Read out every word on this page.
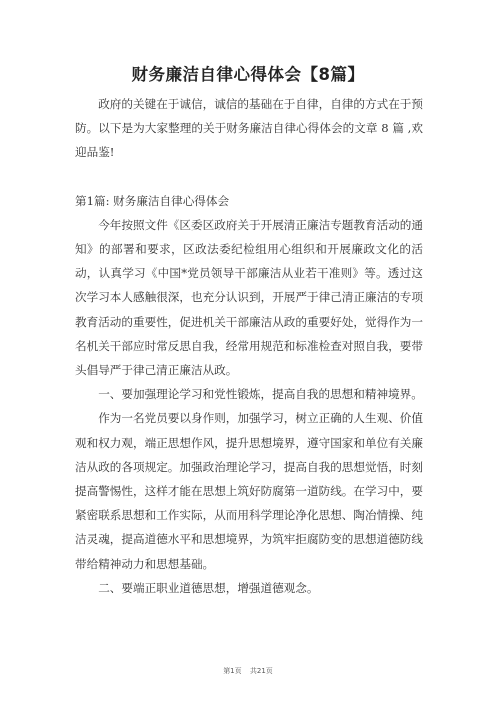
财务廉洁自律心得体会【8篇】

政府的关键在于诚信，诚信的基础在于自律，自律的方式在于预防。以下是为大家整理的关于财务廉洁自律心得体会的文章 8 篇 ,欢迎品鉴!

第1篇: 财务廉洁自律心得体会

今年按照文件《区委区政府关于开展清正廉洁专题教育活动的通知》的部署和要求，区政法委纪检组用心组织和开展廉政文化的活动，认真学习《中国*党员领导干部廉洁从业若干准则》等。透过这次学习本人感触很深，也充分认识到，开展严于律己清正廉洁的专项教育活动的重要性，促进机关干部廉洁从政的重要好处，觉得作为一名机关干部应时常反思自我，经常用规范和标准检查对照自我，要带头倡导严于律己清正廉洁从政。

一、要加强理论学习和党性锻炼，提高自我的思想和精神境界。

作为一名党员要以身作则，加强学习，树立正确的人生观、价值观和权力观，端正思想作风，提升思想境界，遵守国家和单位有关廉洁从政的各项规定。加强政治理论学习，提高自我的思想觉悟，时刻提高警惕性，这样才能在思想上筑好防腐第一道防线。在学习中，要紧密联系思想和工作实际，从而用科学理论净化思想、陶冶情操、纯洁灵魂，提高道德水平和思想境界，为筑牢拒腐防变的思想道德防线带给精神动力和思想基础。

二、要端正职业道德思想，增强道德观念。

第1页 共21页
